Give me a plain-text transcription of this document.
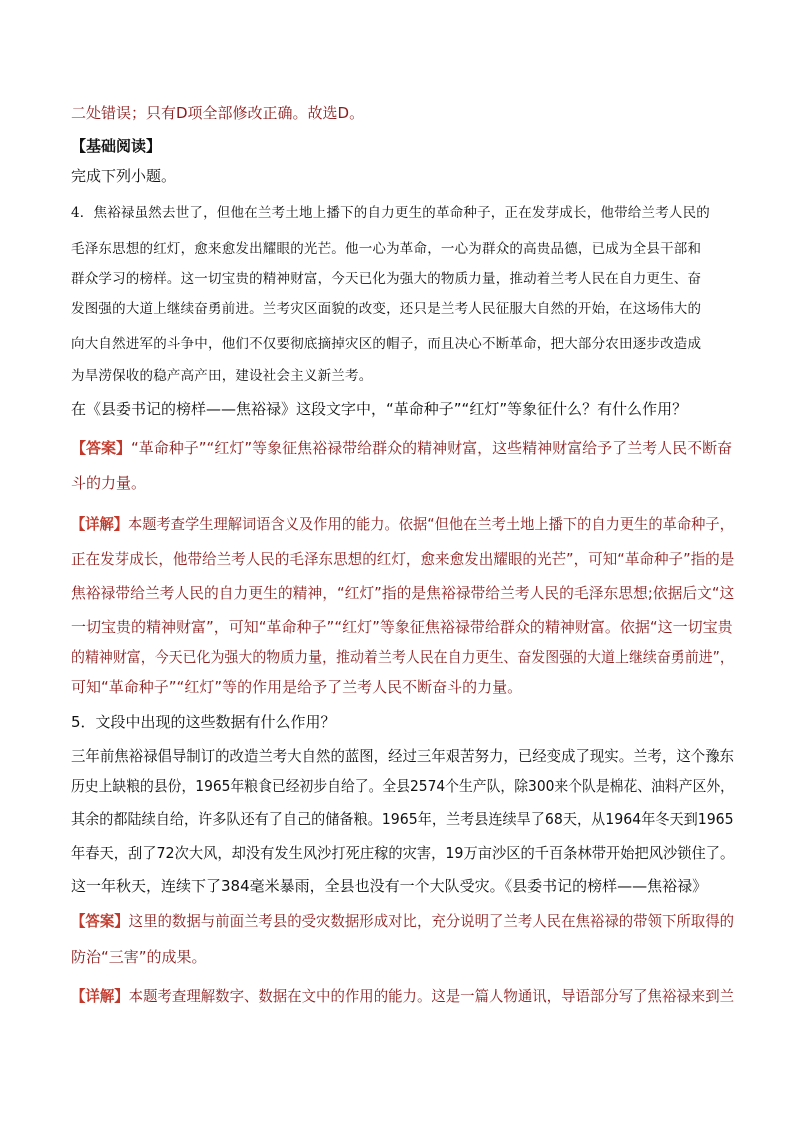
二处错误；只有D项全部修改正确。故选D。
【基础阅读】
完成下列小题。
4．焦裕禄虽然去世了，但他在兰考土地上播下的自力更生的革命种子，正在发芽成长，他带给兰考人民的
毛泽东思想的红灯，愈来愈发出耀眼的光芒。他一心为革命，一心为群众的高贵品德，已成为全县干部和
群众学习的榜样。这一切宝贵的精神财富，今天已化为强大的物质力量，推动着兰考人民在自力更生、奋
发图强的大道上继续奋勇前进。兰考灾区面貌的改变，还只是兰考人民征服大自然的开始，在这场伟大的
向大自然进军的斗争中，他们不仅要彻底摘掉灾区的帽子，而且决心不断革命，把大部分农田逐步改造成
为旱涝保收的稳产高产田，建设社会主义新兰考。
在《县委书记的榜样——焦裕禄》这段文字中，“革命种子”“红灯”等象征什么？有什么作用？
【答案】“革命种子”“红灯”等象征焦裕禄带给群众的精神财富，这些精神财富给予了兰考人民不断奋
斗的力量。
【详解】本题考查学生理解词语含义及作用的能力。依据“但他在兰考土地上播下的自力更生的革命种子，
正在发芽成长，他带给兰考人民的毛泽东思想的红灯，愈来愈发出耀眼的光芒”，可知“革命种子”指的是
焦裕禄带给兰考人民的自力更生的精神，“红灯”指的是焦裕禄带给兰考人民的毛泽东思想;依据后文“这
一切宝贵的精神财富”，可知“革命种子”“红灯”等象征焦裕禄带给群众的精神财富。依据“这一切宝贵
的精神财富，今天已化为强大的物质力量，推动着兰考人民在自力更生、奋发图强的大道上继续奋勇前进”，
可知“革命种子”“红灯”等的作用是给予了兰考人民不断奋斗的力量。
5．文段中出现的这些数据有什么作用？
三年前焦裕禄倡导制订的改造兰考大自然的蓝图，经过三年艰苦努力，已经变成了现实。兰考，这个豫东
历史上缺粮的县份，1965年粮食已经初步自给了。全县2574个生产队，除300来个队是棉花、油料产区外，
其余的都陆续自给，许多队还有了自己的储备粮。1965年，兰考县连续旱了68天，从1964年冬天到1965
年春天，刮了72次大风，却没有发生风沙打死庄稼的灾害，19万亩沙区的千百条林带开始把风沙锁住了。
这一年秋天，连续下了384毫米暴雨，全县也没有一个大队受灾。《县委书记的榜样——焦裕禄》
【答案】这里的数据与前面兰考县的受灾数据形成对比，充分说明了兰考人民在焦裕禄的带领下所取得的
防治“三害”的成果。
【详解】本题考查理解数字、数据在文中的作用的能力。这是一篇人物通讯，导语部分写了焦裕禄来到兰
